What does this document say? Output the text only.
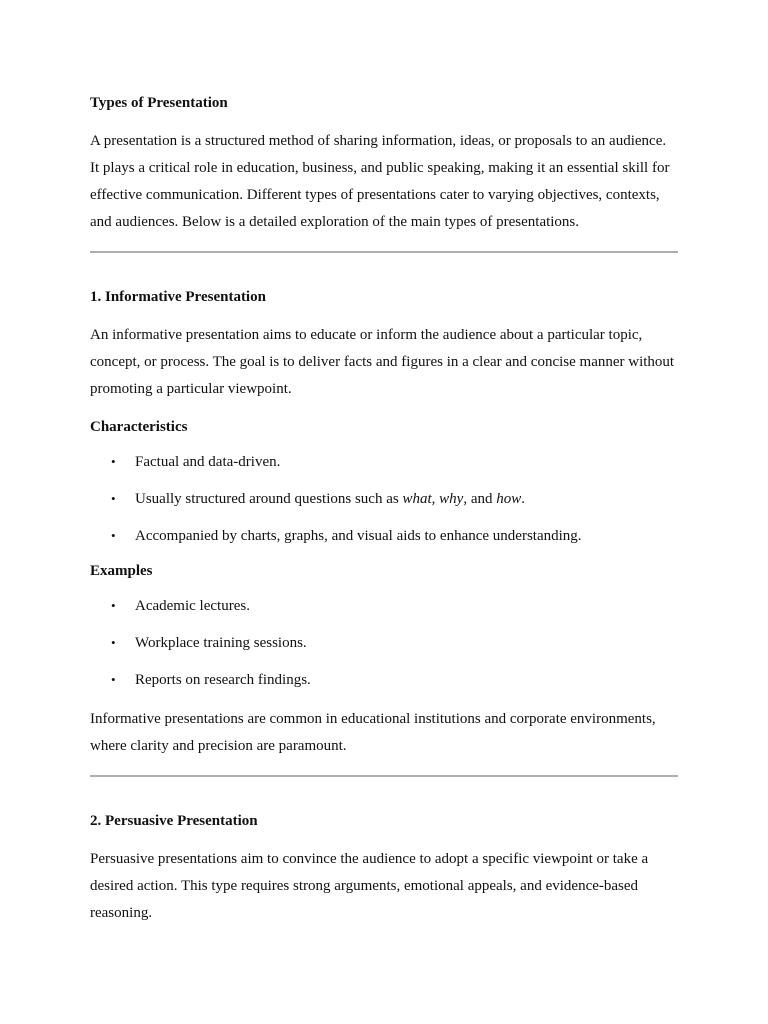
Types of Presentation

A presentation is a structured method of sharing information, ideas, or proposals to an audience. It plays a critical role in education, business, and public speaking, making it an essential skill for effective communication. Different types of presentations cater to varying objectives, contexts, and audiences. Below is a detailed exploration of the main types of presentations.

1. Informative Presentation

An informative presentation aims to educate or inform the audience about a particular topic, concept, or process. The goal is to deliver facts and figures in a clear and concise manner without promoting a particular viewpoint.

Characteristics
• Factual and data-driven.
• Usually structured around questions such as what, why, and how.
• Accompanied by charts, graphs, and visual aids to enhance understanding.
Examples
• Academic lectures.
• Workplace training sessions.
• Reports on research findings.

Informative presentations are common in educational institutions and corporate environments, where clarity and precision are paramount.

2. Persuasive Presentation

Persuasive presentations aim to convince the audience to adopt a specific viewpoint or take a desired action. This type requires strong arguments, emotional appeals, and evidence-based reasoning.
